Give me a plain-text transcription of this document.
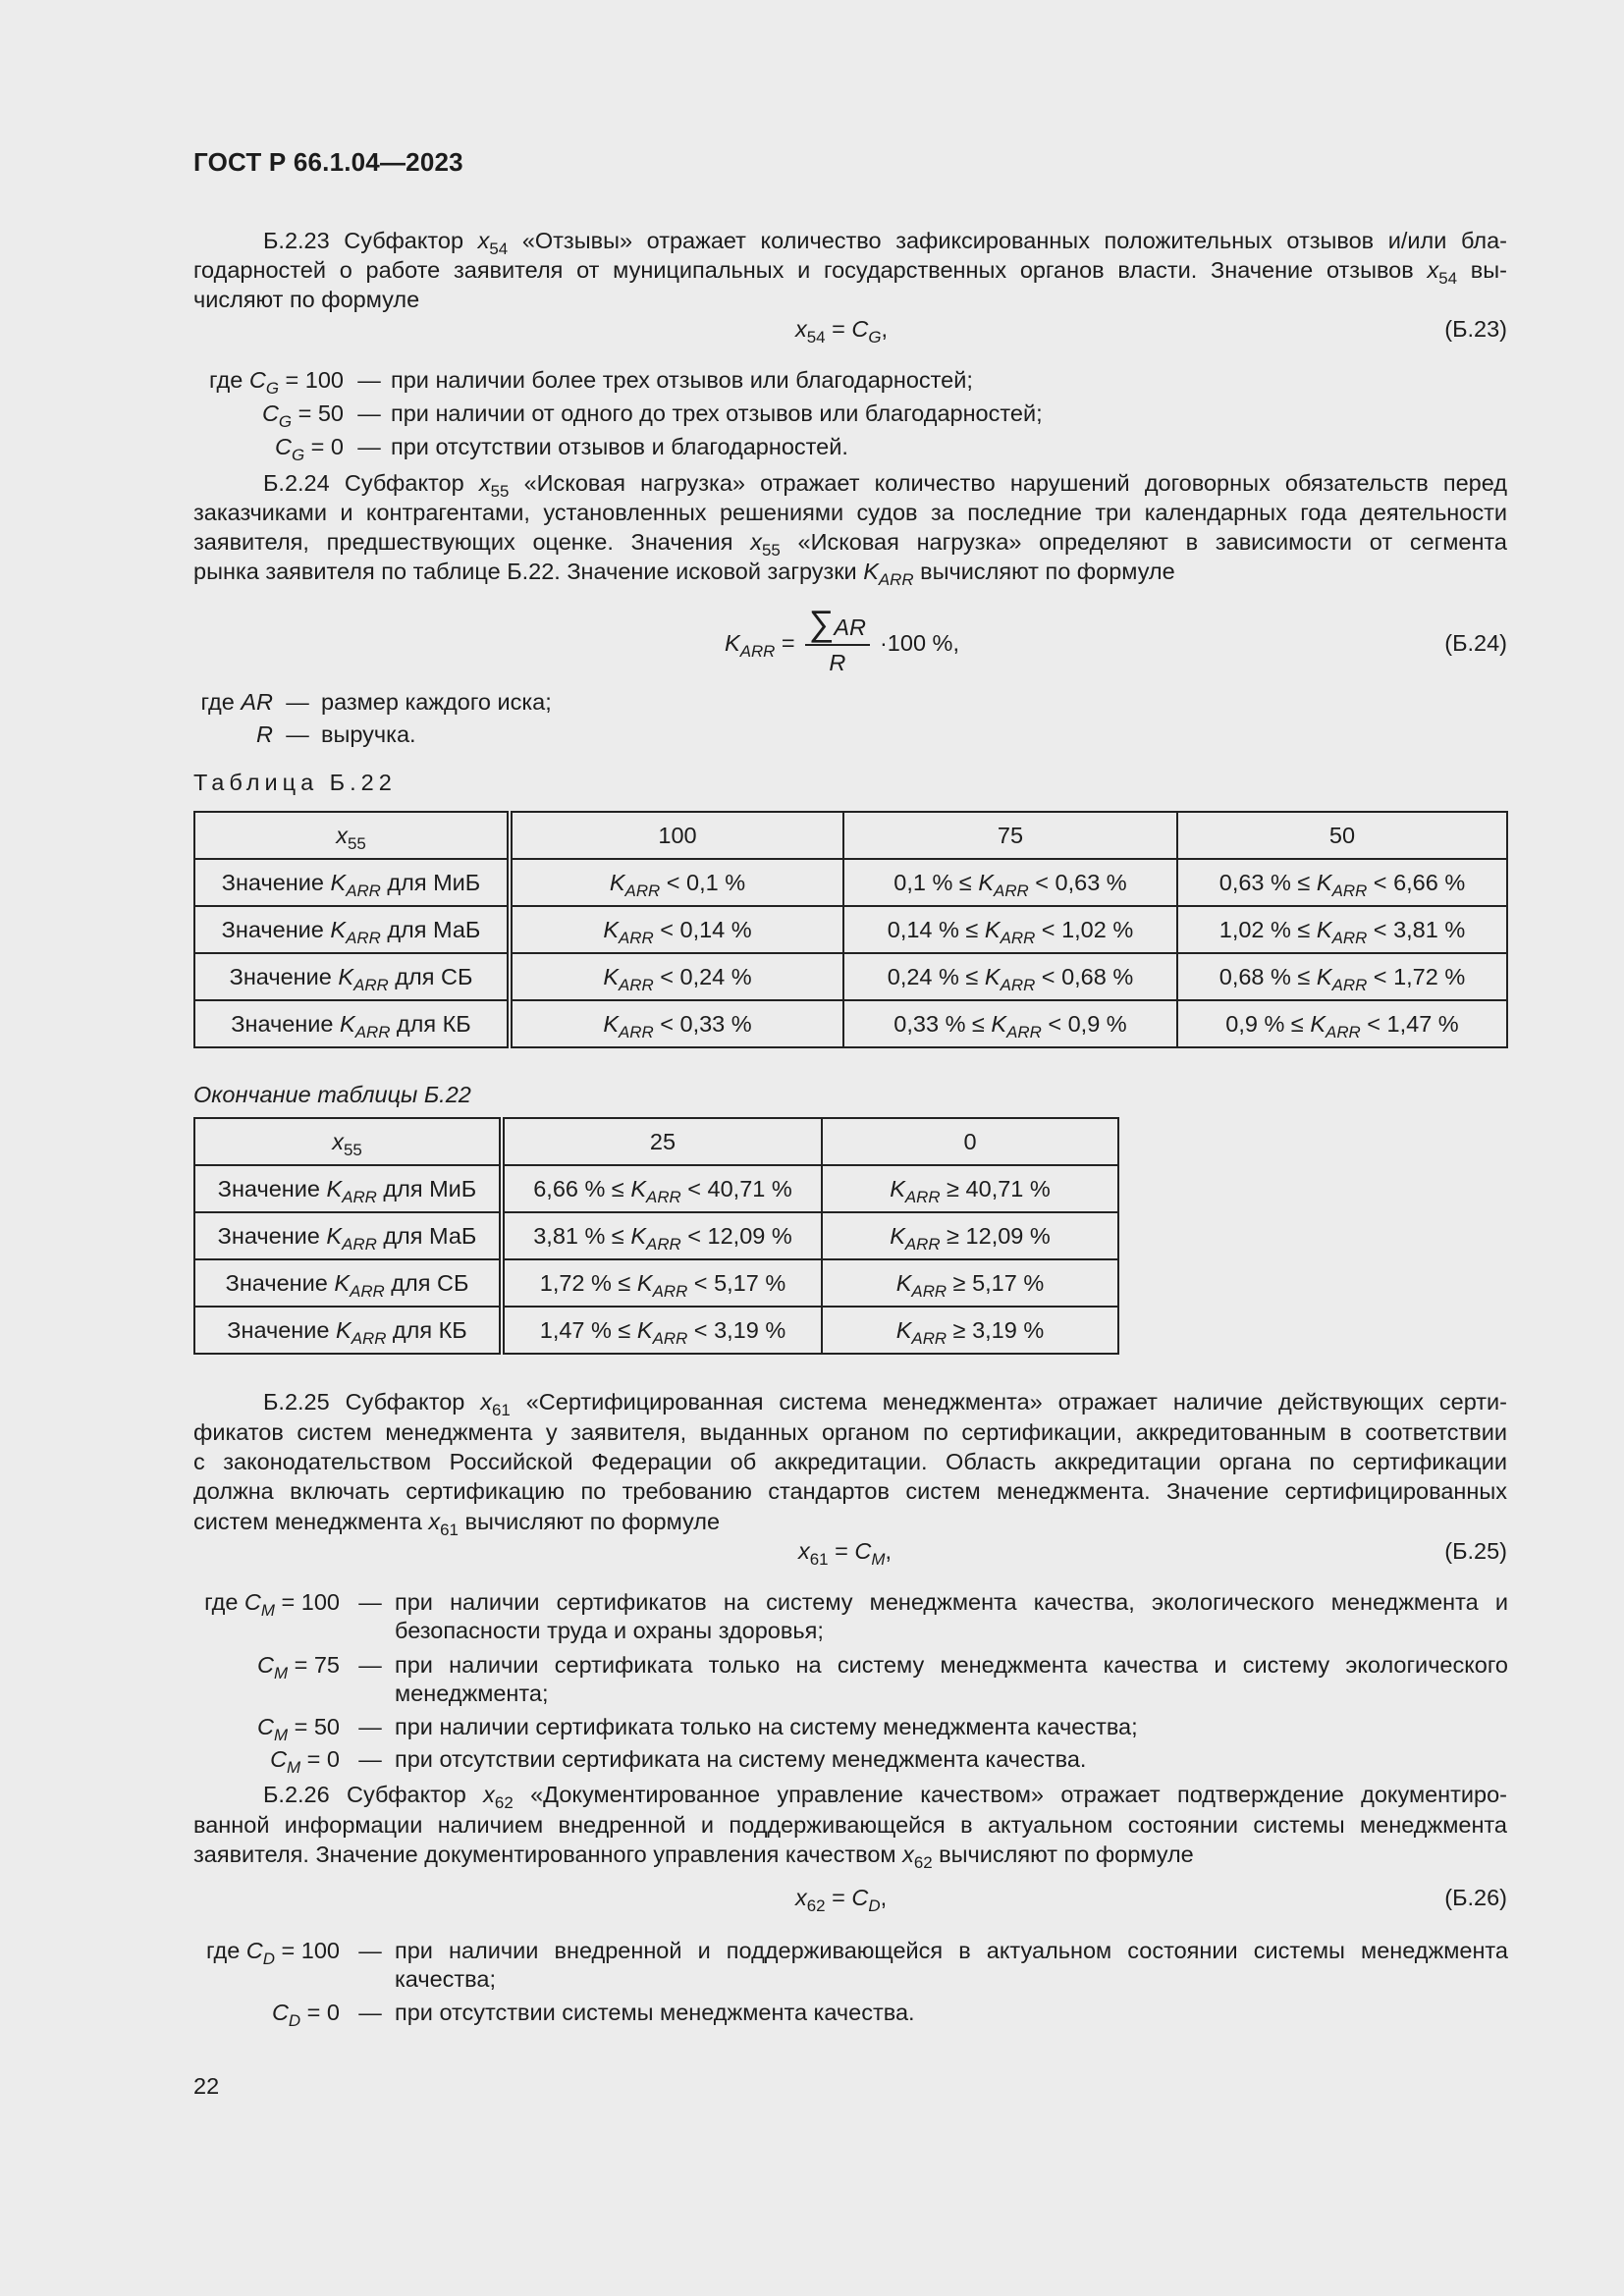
ГОСТ Р 66.1.04—2023
Б.2.23 Субфактор $x_{54}$ «Отзывы» отражает количество зафиксированных положительных отзывов и/или бла-
годарностей о работе заявителя от муниципальных и государственных органов власти. Значение отзывов $x_{54}$ вы-
числяют по формуле
$x_{54} = C_G$,	(Б.23)
где $C_G = 100$ — при наличии более трех отзывов или благодарностей;
$C_G = 50$ — при наличии от одного до трех отзывов или благодарностей;
$C_G = 0$ — при отсутствии отзывов и благодарностей.
Б.2.24 Субфактор $x_{55}$ «Исковая нагрузка» отражает количество нарушений договорных обязательств перед
заказчиками и контрагентами, установленных решениями судов за последние три календарных года деятельности
заявителя, предшествующих оценке. Значения $x_{55}$ «Исковая нагрузка» определяют в зависимости от сегмента
рынка заявителя по таблице Б.22. Значение исковой загрузки $K_{ARR}$ вычисляют по формуле
$K_{ARR} = \frac{\sum AR}{R} \cdot 100$ %,	(Б.24)
где AR — размер каждого иска;
R — выручка.
Таблица Б.22
$x_{55}$	100	75	50
Значение $K_{ARR}$ для МиБ	$K_{ARR} < 0,1$ %	0,1 % ≤ $K_{ARR} < 0,63$ %	0,63 % ≤ $K_{ARR} < 6,66$ %
Значение $K_{ARR}$ для МаБ	$K_{ARR} < 0,14$ %	0,14 % ≤ $K_{ARR} < 1,02$ %	1,02 % ≤ $K_{ARR} < 3,81$ %
Значение $K_{ARR}$ для СБ	$K_{ARR} < 0,24$ %	0,24 % ≤ $K_{ARR} < 0,68$ %	0,68 % ≤ $K_{ARR} < 1,72$ %
Значение $K_{ARR}$ для КБ	$K_{ARR} < 0,33$ %	0,33 % ≤ $K_{ARR} < 0,9$ %	0,9 % ≤ $K_{ARR} < 1,47$ %
Окончание таблицы Б.22
$x_{55}$	25	0
Значение $K_{ARR}$ для МиБ	6,66 % ≤ $K_{ARR} < 40,71$ %	$K_{ARR} \ge 40,71$ %
Значение $K_{ARR}$ для МаБ	3,81 % ≤ $K_{ARR} < 12,09$ %	$K_{ARR} \ge 12,09$ %
Значение $K_{ARR}$ для СБ	1,72 % ≤ $K_{ARR} < 5,17$ %	$K_{ARR} \ge 5,17$ %
Значение $K_{ARR}$ для КБ	1,47 % ≤ $K_{ARR} < 3,19$ %	$K_{ARR} \ge 3,19$ %
Б.2.25 Субфактор $x_{61}$ «Сертифицированная система менеджмента» отражает наличие действующих серти-
фикатов систем менеджмента у заявителя, выданных органом по сертификации, аккредитованным в соответствии
с законодательством Российской Федерации об аккредитации. Область аккредитации органа по сертификации
должна включать сертификацию по требованию стандартов систем менеджмента. Значение сертифицированных
систем менеджмента $x_{61}$ вычисляют по формуле
$x_{61} = C_M$,	(Б.25)
где $C_M = 100$ — при наличии сертификатов на систему менеджмента качества, экологического менеджмента и
безопасности труда и охраны здоровья;
$C_M = 75$ — при наличии сертификата только на систему менеджмента качества и систему экологического
менеджмента;
$C_M = 50$ — при наличии сертификата только на систему менеджмента качества;
$C_M = 0$ — при отсутствии сертификата на систему менеджмента качества.
Б.2.26 Субфактор $x_{62}$ «Документированное управление качеством» отражает подтверждение документиро-
ванной информации наличием внедренной и поддерживающейся в актуальном состоянии системы менеджмента
заявителя. Значение документированного управления качеством $x_{62}$ вычисляют по формуле
$x_{62} = C_D$,	(Б.26)
где $C_D = 100$ — при наличии внедренной и поддерживающейся в актуальном состоянии системы менеджмента
качества;
$C_D = 0$ — при отсутствии системы менеджмента качества.
22
